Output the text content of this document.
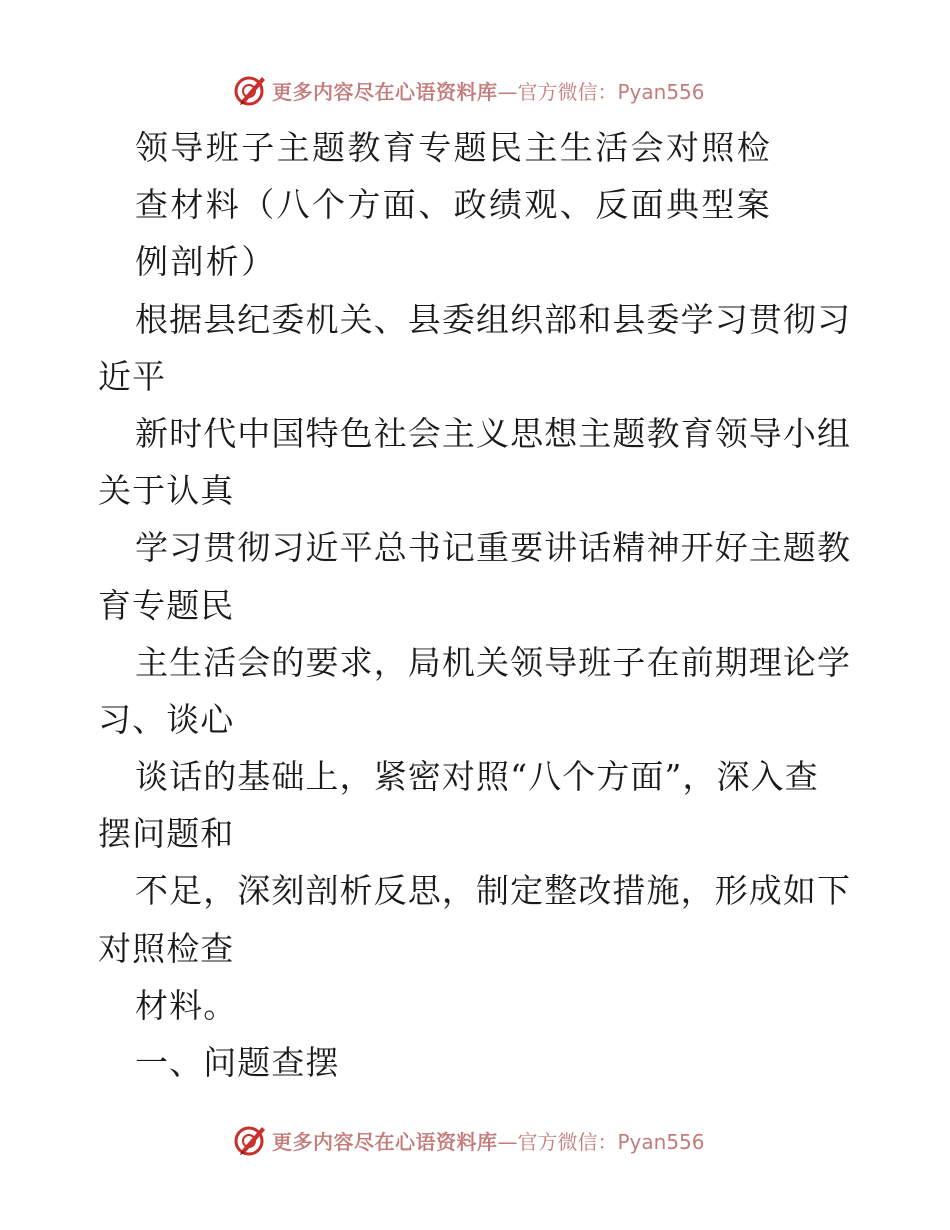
更多内容尽在心语资料库 —官方微信：Pyan556
领导班子主题教育专题民主生活会对照检
查材料（八个方面、政绩观、反面典型案
例剖析）
根据县纪委机关、县委组织部和县委学习贯彻习
近平
新时代中国特色社会主义思想主题教育领导小组
关于认真
学习贯彻习近平总书记重要讲话精神开好主题教
育专题民
主生活会的要求，局机关领导班子在前期理论学
习、谈心
谈话的基础上，紧密对照“八个方面”，深入查
摆问题和
不足，深刻剖析反思，制定整改措施，形成如下
对照检查
材料。
一、问题查摆
更多内容尽在心语资料库 —官方微信：Pyan556
